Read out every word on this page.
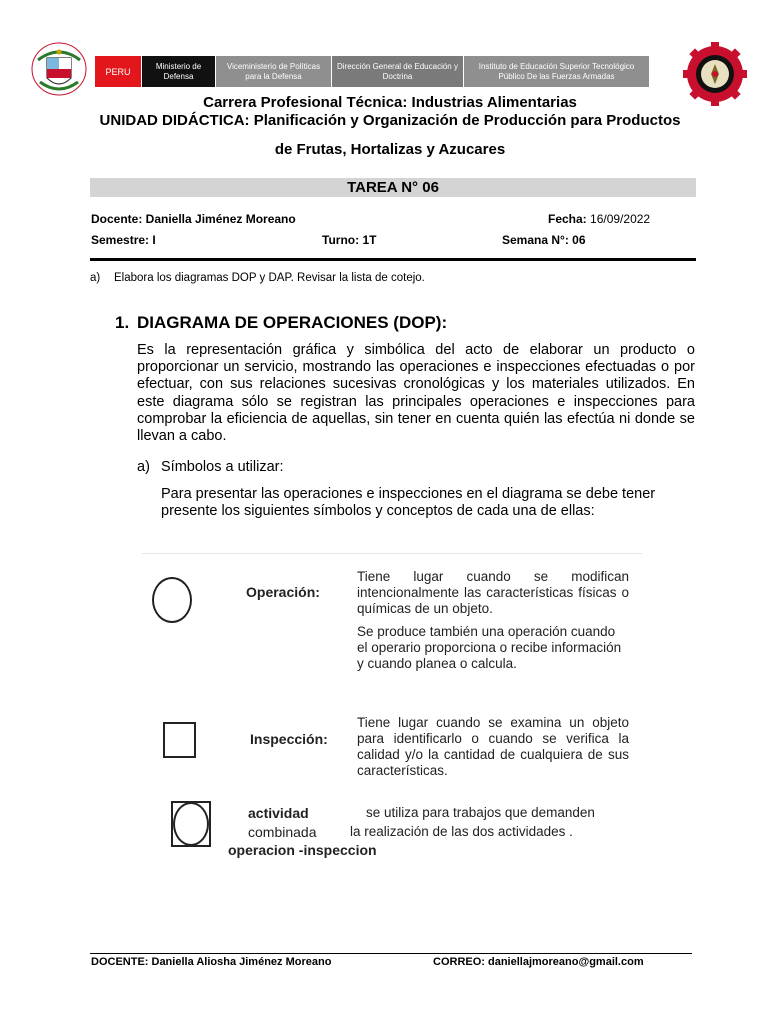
PERU
Ministerio de Defensa
Viceministerio de Políticas para la Defensa
Dirección General de Educación y Doctrina
Instituto de Educación Superior Tecnológico Público De las Fuerzas Armadas
Carrera Profesional Técnica: Industrias Alimentarias
UNIDAD DIDÁCTICA: Planificación y Organización de Producción para Productos
de Frutas, Hortalizas y Azucares
TAREA N° 06
Docente: Daniella Jiménez Moreano	Fecha: 16/09/2022
Semestre: I	Turno: 1T	Semana N°: 06
a) Elabora los diagramas DOP y DAP. Revisar la lista de cotejo.
1. DIAGRAMA DE OPERACIONES (DOP):
Es la representación gráfica y simbólica del acto de elaborar un producto o proporcionar un servicio, mostrando las operaciones e inspecciones efectuadas o por efectuar, con sus relaciones sucesivas cronológicas y los materiales utilizados. En este diagrama sólo se registran las principales operaciones e inspecciones para comprobar la eficiencia de aquellas, sin tener en cuenta quién las efectúa ni donde se llevan a cabo.
a) Símbolos a utilizar:
Para presentar las operaciones e inspecciones en el diagrama se debe tener presente los siguientes símbolos y conceptos de cada una de ellas:
Operación:
Tiene lugar cuando se modifican intencionalmente las características físicas o químicas de un objeto.
Se produce también una operación cuando el operario proporciona o recibe información y cuando planea o calcula.
Inspección:
Tiene lugar cuando se examina un objeto para identificarlo o cuando se verifica la calidad y/o la cantidad de cualquiera de sus características.
actividad
combinada
operacion -inspeccion
se utiliza para trabajos que demanden
la realización de las dos actividades .
DOCENTE: Daniella Aliosha Jiménez Moreano	CORREO: daniellajmoreano@gmail.com
